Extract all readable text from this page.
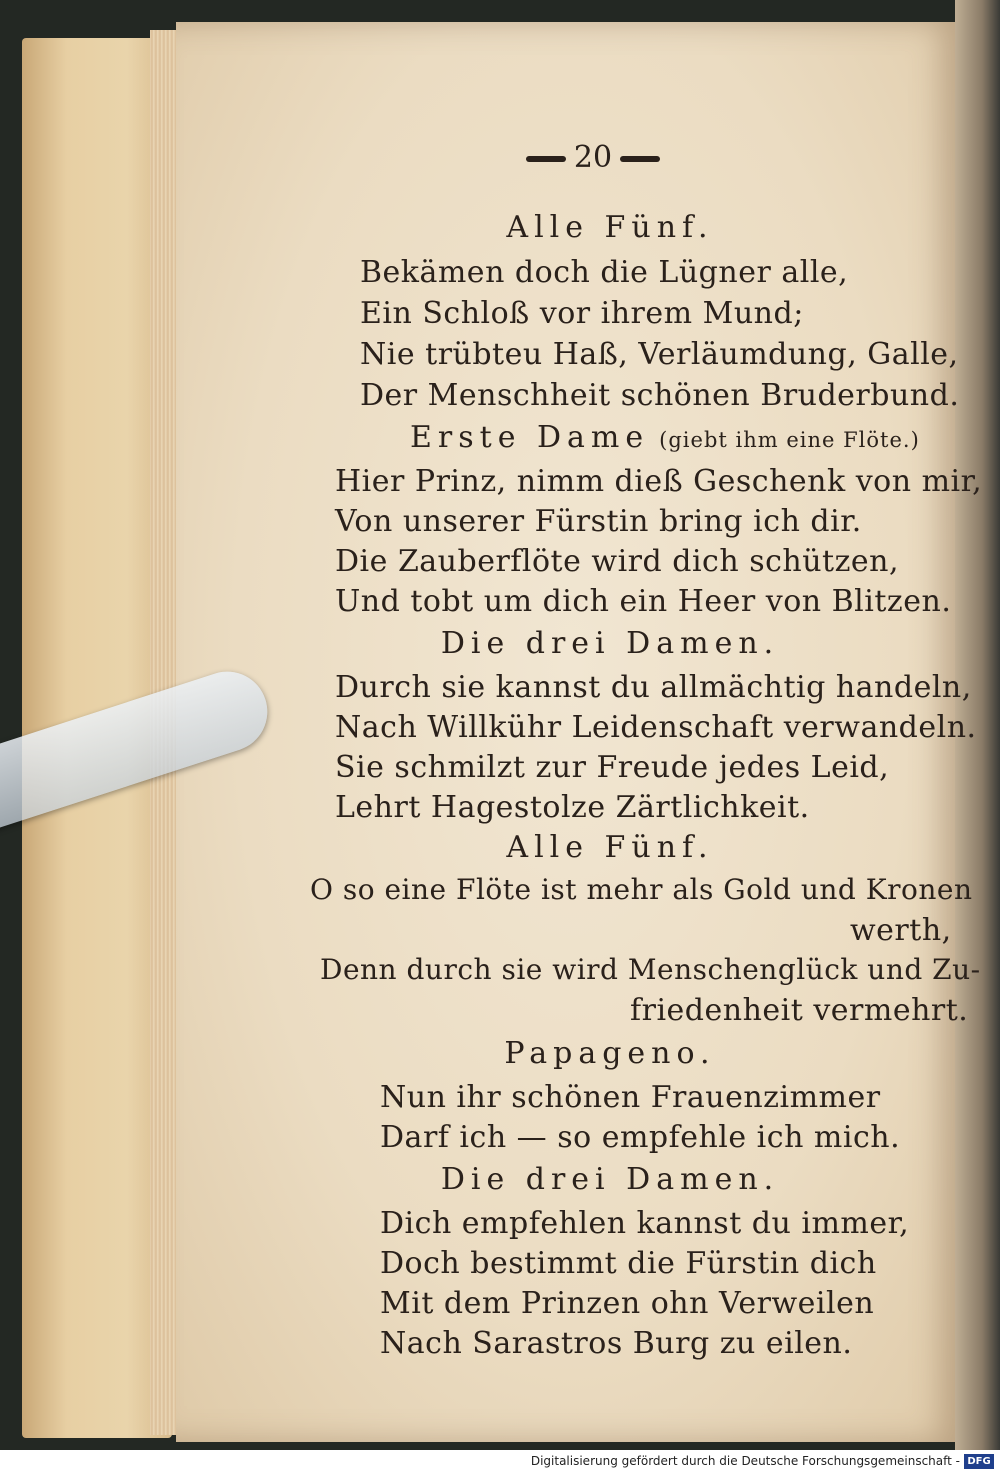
20
Alle Fünf.
Bekämen doch die Lügner alle,
Ein Schloß vor ihrem Mund;
Nie trübteu Haß, Verläumdung, Galle,
Der Menschheit schönen Bruderbund.
Erste Dame (giebt ihm eine Flöte.)
Hier Prinz, nimm dieß Geschenk von mir,
Von unserer Fürstin bring ich dir.
Die Zauberflöte wird dich schützen,
Und tobt um dich ein Heer von Blitzen.
Die drei Damen.
Durch sie kannst du allmächtig handeln,
Nach Willkühr Leidenschaft verwandeln.
Sie schmilzt zur Freude jedes Leid,
Lehrt Hagestolze Zärtlichkeit.
Alle Fünf.
O so eine Flöte ist mehr als Gold und Kronen
werth,
Denn durch sie wird Menschenglück und Zu-
friedenheit vermehrt.
Papageno.
Nun ihr schönen Frauenzimmer
Darf ich — so empfehle ich mich.
Die drei Damen.
Dich empfehlen kannst du immer,
Doch bestimmt die Fürstin dich
Mit dem Prinzen ohn Verweilen
Nach Sarastros Burg zu eilen.
Digitalisierung gefördert durch die Deutsche Forschungsgemeinschaft - DFG
